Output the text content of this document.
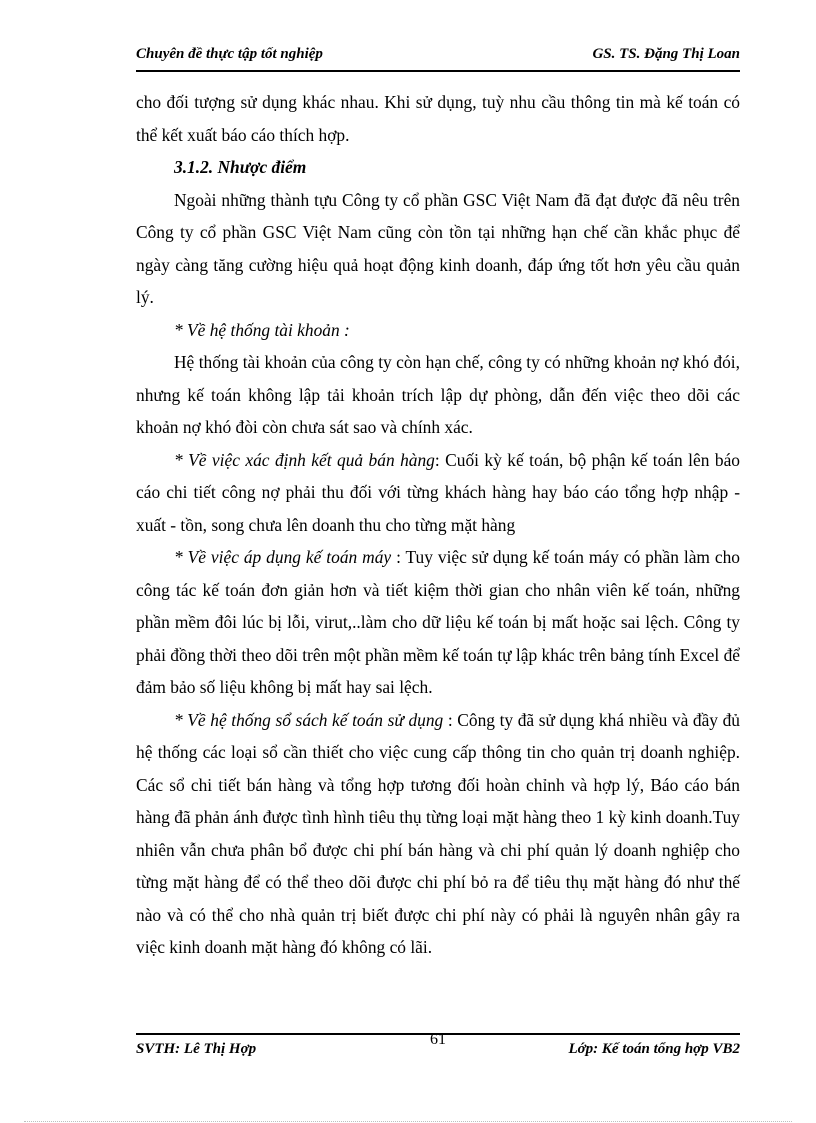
Chuyên đề thực tập tốt nghiệp	GS. TS. Đặng Thị Loan

cho đối tượng sử dụng khác nhau. Khi sử dụng, tuỳ nhu cầu thông tin mà kế toán có thể kết xuất báo cáo thích hợp.

3.1.2. Nhược điểm

Ngoài những thành tựu Công ty cổ phần GSC Việt Nam đã đạt được đã nêu trên Công ty cổ phần GSC Việt Nam cũng còn tồn tại những hạn chế cần khắc phục để ngày càng tăng cường hiệu quả hoạt động kinh doanh, đáp ứng tốt hơn yêu cầu quản lý.

* Về hệ thống tài khoản :

Hệ thống tài khoản của công ty còn hạn chế, công ty có những khoản nợ khó đói, nhưng kế toán không lập tải khoản trích lập dự phòng, dẫn đến việc theo dõi các khoản nợ khó đòi còn chưa sát sao và chính xác.

* Về việc xác định kết quả bán hàng: Cuối kỳ kế toán, bộ phận kế toán lên báo cáo chi tiết công nợ phải thu đối với từng khách hàng hay báo cáo tổng hợp nhập - xuất - tồn, song chưa lên doanh thu cho từng mặt hàng

* Về việc áp dụng kế toán máy : Tuy việc sử dụng kế toán máy có phần làm cho công tác kế toán đơn giản hơn và tiết kiệm thời gian cho nhân viên kế toán, những phần mềm đôi lúc bị lỗi, virut,..làm cho dữ liệu kế toán bị mất hoặc sai lệch. Công ty phải đồng thời theo dõi trên một phần mềm kế toán tự lập khác trên bảng tính Excel để đảm bảo số liệu không bị mất hay sai lệch.

* Về hệ thống sổ sách kế toán sử dụng : Công ty đã sử dụng khá nhiều và đầy đủ hệ thống các loại sổ cần thiết cho việc cung cấp thông tin cho quản trị doanh nghiệp. Các sổ chi tiết bán hàng và tổng hợp tương đối hoàn chỉnh và hợp lý, Báo cáo bán hàng đã phản ánh được tình hình tiêu thụ từng loại mặt hàng theo 1 kỳ kinh doanh.Tuy nhiên vẫn chưa phân bổ được chi phí bán hàng và chi phí quản lý doanh nghiệp cho từng mặt hàng để có thể theo dõi được chi phí bỏ ra để tiêu thụ mặt hàng đó như thế nào và có thể cho nhà quản trị biết được chi phí này có phải là nguyên nhân gây ra việc kinh doanh mặt hàng đó không có lãi.

SVTH: Lê Thị Hợp
61
Lớp: Kế toán tổng hợp VB2
